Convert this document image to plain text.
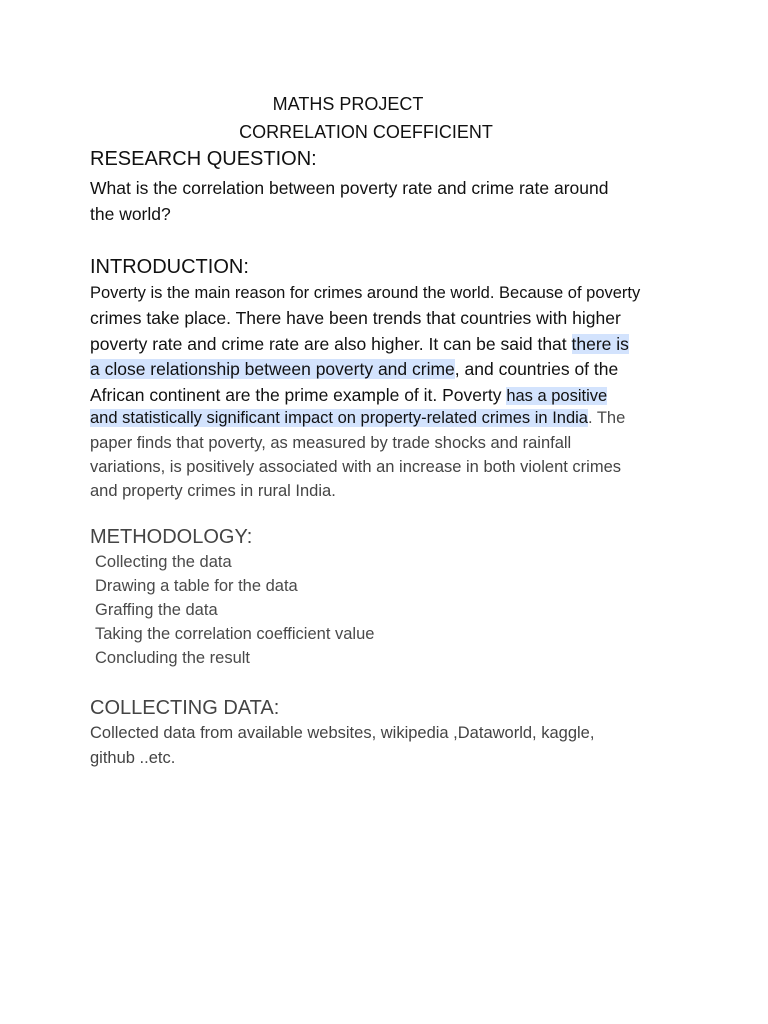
MATHS PROJECT
CORRELATION COEFFICIENT
RESEARCH QUESTION:
What is the correlation between poverty rate and crime rate around
the world?
INTRODUCTION:
Poverty is the main reason for crimes around the world. Because of poverty
crimes take place. There have been trends that countries with higher
poverty rate and crime rate are also higher. It can be said that there is
a close relationship between poverty and crime, and countries of the
African continent are the prime example of it. Poverty has a positive
and statistically significant impact on property-related crimes in India. The
paper finds that poverty, as measured by trade shocks and rainfall
variations, is positively associated with an increase in both violent crimes
and property crimes in rural India.
METHODOLOGY:
Collecting the data
Drawing a table for the data
Graffing the data
Taking the correlation coefficient value
Concluding the result
COLLECTING DATA:
Collected data from available websites, wikipedia ,Dataworld, kaggle,
github ..etc.
